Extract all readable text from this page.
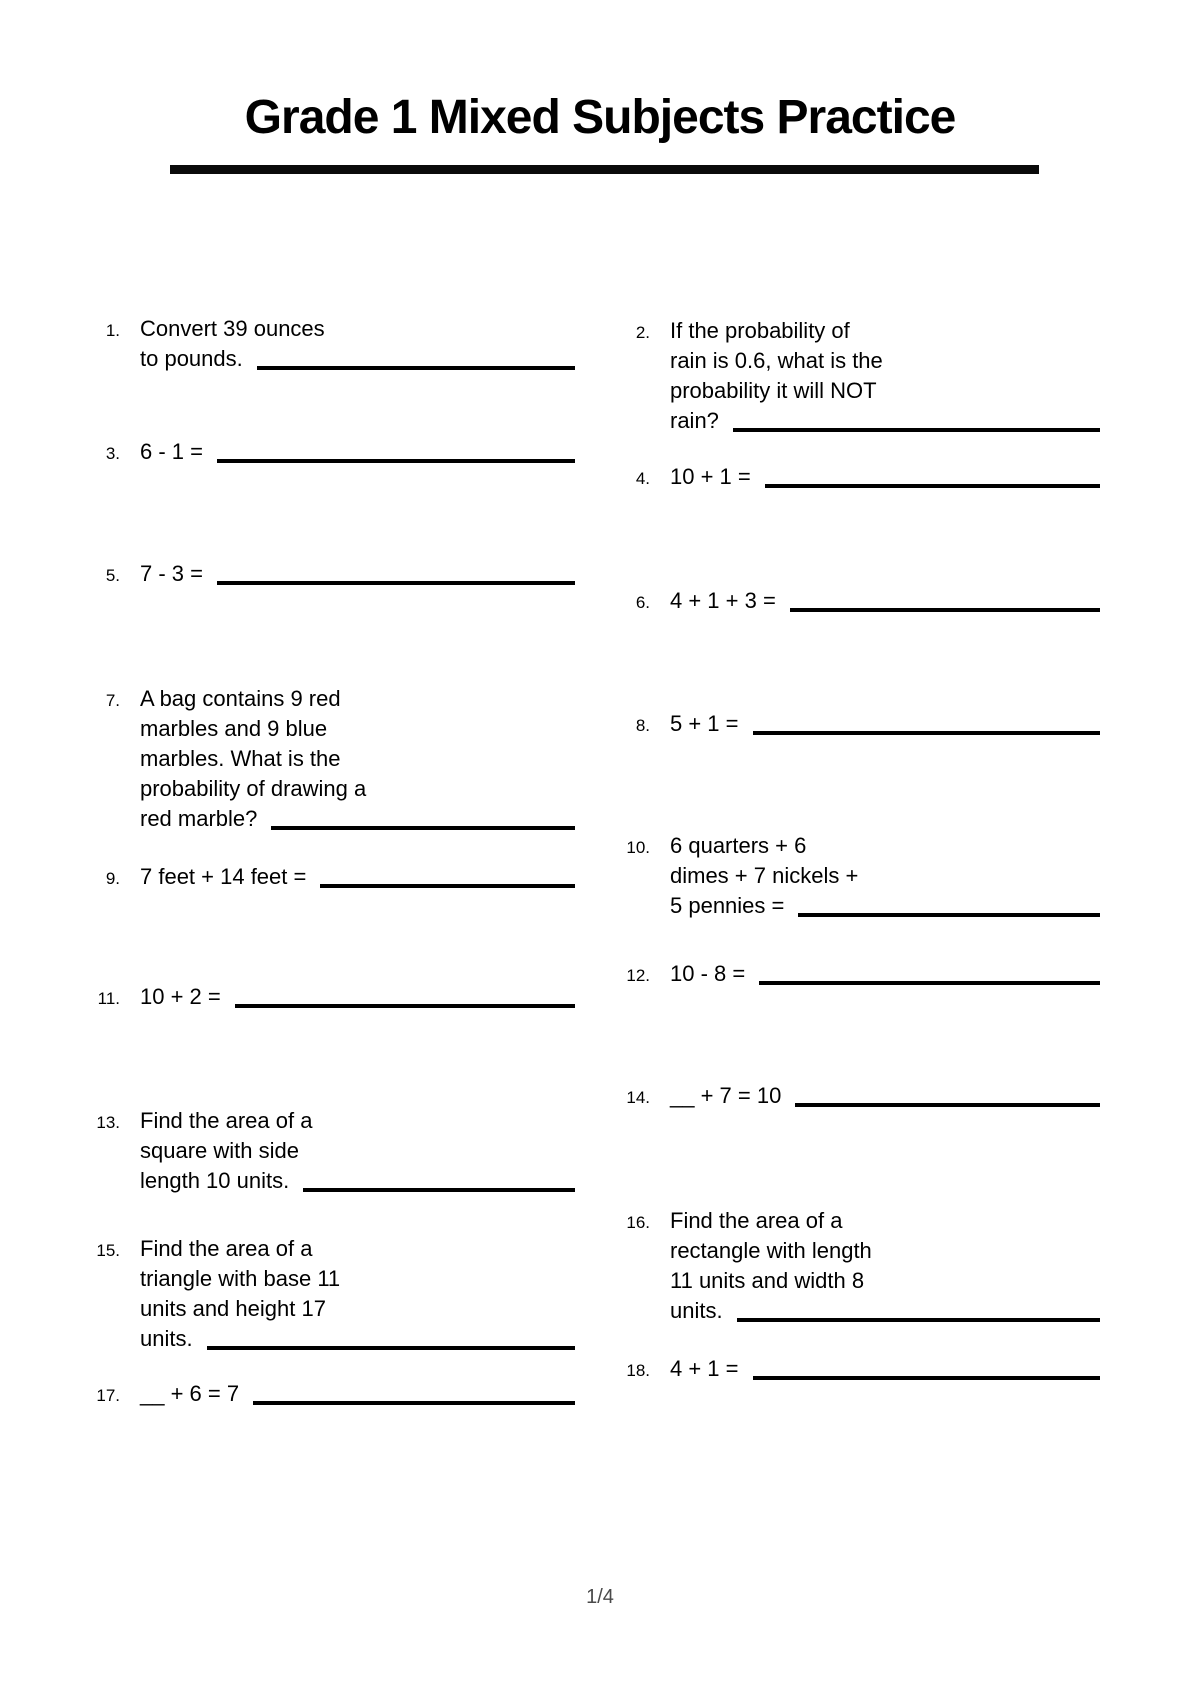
Grade 1 Mixed Subjects Practice
1. Convert 39 ounces
to pounds.
2. If the probability of
rain is 0.6, what is the
probability it will NOT
rain?
3. 6 - 1 =
4. 10 + 1 =
5. 7 - 3 =
6. 4 + 1 + 3 =
7. A bag contains 9 red
marbles and 9 blue
marbles. What is the
probability of drawing a
red marble?
8. 5 + 1 =
9. 7 feet + 14 feet =
10. 6 quarters + 6
dimes + 7 nickels +
5 pennies =
11. 10 + 2 =
12. 10 - 8 =
13. Find the area of a
square with side
length 10 units.
14. __ + 7 = 10
15. Find the area of a
triangle with base 11
units and height 17
units.
16. Find the area of a
rectangle with length
11 units and width 8
units.
17. __ + 6 = 7
18. 4 + 1 =
1/4
